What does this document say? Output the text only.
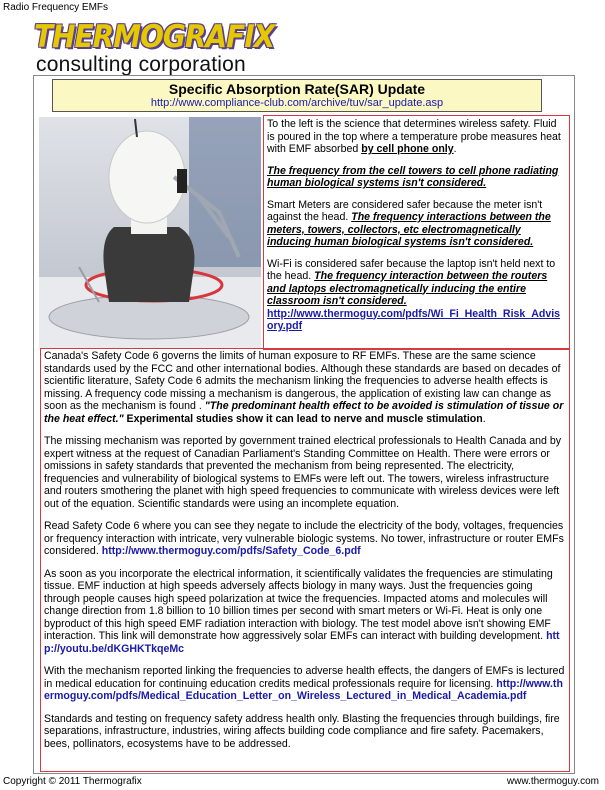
Radio Frequency EMFs
THERMOGRAFIX
consulting corporation
Specific Absorption Rate(SAR) Update
http://www.compliance-club.com/archive/tuv/sar_update.asp

To the left is the science that determines wireless safety. Fluid is poured in the top where a temperature probe measures heat with EMF absorbed by cell phone only.

The frequency from the cell towers to cell phone radiating human biological systems isn't considered.

Smart Meters are considered safer because the meter isn't against the head. The frequency interactions between the meters, towers, collectors, etc electromagnetically inducing human biological systems isn't considered.

Wi-Fi is considered safer because the laptop isn't held next to the head. The frequency interaction between the routers and laptops electromagnetically inducing the entire classroom isn't considered.
http://www.thermoguy.com/pdfs/Wi_Fi_Health_Risk_Advisory.pdf

Canada's Safety Code 6 governs the limits of human exposure to RF EMFs. These are the same science standards used by the FCC and other international bodies. Although these standards are based on decades of scientific literature, Safety Code 6 admits the mechanism linking the frequencies to adverse health effects is missing. A frequency code missing a mechanism is dangerous, the application of existing law can change as soon as the mechanism is found . "The predominant health effect to be avoided is stimulation of tissue or the heat effect." Experimental studies show it can lead to nerve and muscle stimulation.

The missing mechanism was reported by government trained electrical professionals to Health Canada and by expert witness at the request of Canadian Parliament's Standing Committee on Health. There were errors or omissions in safety standards that prevented the mechanism from being represented. The electricity, frequencies and vulnerability of biological systems to EMFs were left out. The towers, wireless infrastructure and routers smothering the planet with high speed frequencies to communicate with wireless devices were left out of the equation. Scientific standards were using an incomplete equation.

Read Safety Code 6 where you can see they negate to include the electricity of the body, voltages, frequencies or frequency interaction with intricate, very vulnerable biologic systems. No tower, infrastructure or router EMFs considered. http://www.thermoguy.com/pdfs/Safety_Code_6.pdf

As soon as you incorporate the electrical information, it scientifically validates the frequencies are stimulating tissue. EMF induction at high speeds adversely affects biology in many ways. Just the frequencies going through people causes high speed polarization at twice the frequencies. Impacted atoms and molecules will change direction from 1.8 billion to 10 billion times per second with smart meters or Wi-Fi. Heat is only one byproduct of this high speed EMF radiation interaction with biology. The test model above isn't showing EMF interaction. This link will demonstrate how aggressively solar EMFs can interact with building development. http://youtu.be/dKGHKTkqeMc

With the mechanism reported linking the frequencies to adverse health effects, the dangers of EMFs is lectured in medical education for continuing education credits medical professionals require for licensing. http://www.thermoguy.com/pdfs/Medical_Education_Letter_on_Wireless_Lectured_in_Medical_Academia.pdf

Standards and testing on frequency safety address health only. Blasting the frequencies through buildings, fire separations, infrastructure, industries, wiring affects building code compliance and fire safety. Pacemakers, bees, pollinators, ecosystems have to be addressed.

Copyright © 2011 Thermografix	www.thermoguy.com
